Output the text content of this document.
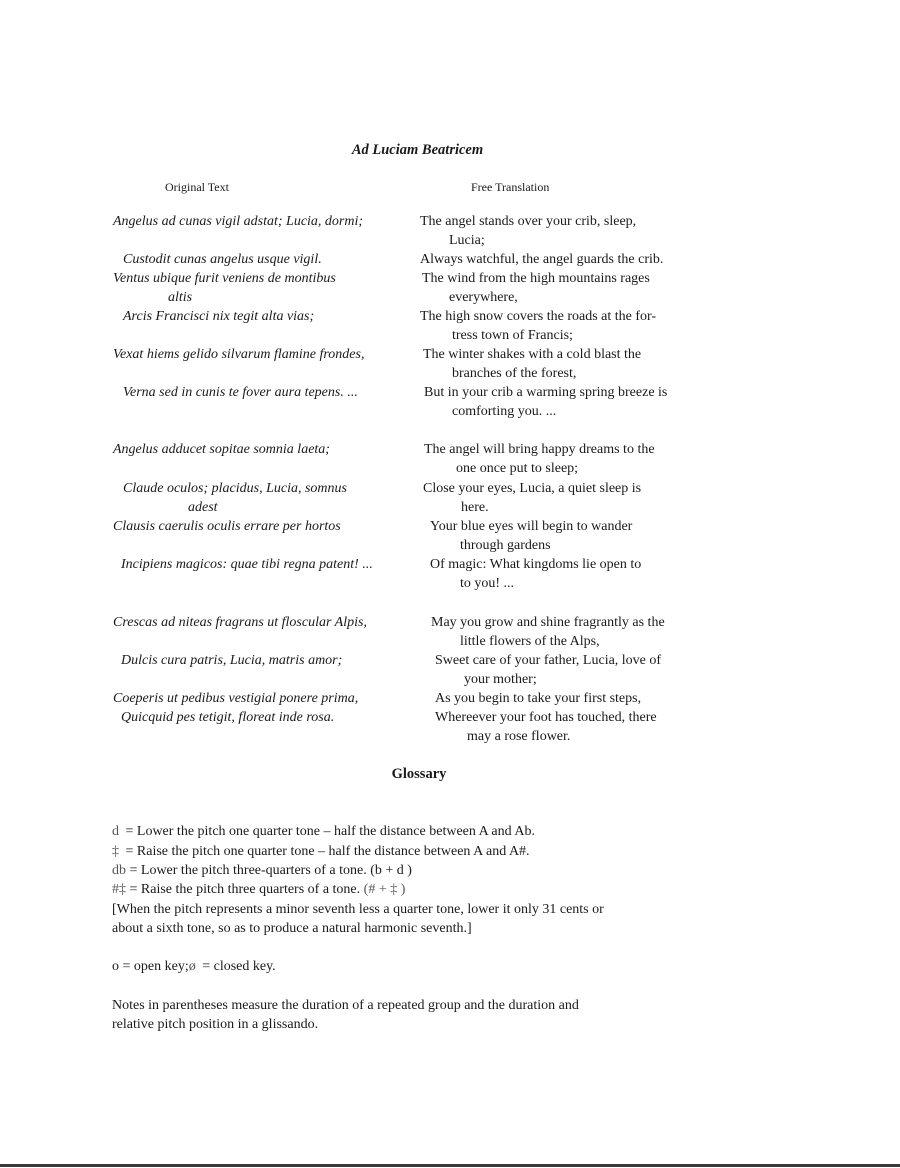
Ad Luciam Beatricem
Original Text	Free Translation
Angelus ad cunas vigil adstat; Lucia, dormi;
Custodit cunas angelus usque vigil.
Ventus ubique furit veniens de montibus
altis
Arcis Francisci nix tegit alta vias;
Vexat hiems gelido silvarum flamine frondes,
Verna sed in cunis te fover aura tepens. ...
Angelus adducet sopitae somnia laeta;
Claude oculos; placidus, Lucia, somnus
adest
Clausis caerulis oculis errare per hortos
Incipiens magicos: quae tibi regna patent! ...
Crescas ad niteas fragrans ut floscular Alpis,
Dulcis cura patris, Lucia, matris amor;
Coeperis ut pedibus vestigial ponere prima,
Quicquid pes tetigit, floreat inde rosa.
The angel stands over your crib, sleep,
Lucia;
Always watchful, the angel guards the crib.
The wind from the high mountains rages
everywhere,
The high snow covers the roads at the for-
tress town of Francis;
The winter shakes with a cold blast the
branches of the forest,
But in your crib a warming spring breeze is
comforting you. ...
The angel will bring happy dreams to the
one once put to sleep;
Close your eyes, Lucia, a quiet sleep is
here.
Your blue eyes will begin to wander
through gardens
Of magic: What kingdoms lie open to
to you! ...
May you grow and shine fragrantly as the
little flowers of the Alps,
Sweet care of your father, Lucia, love of
your mother;
As you begin to take your first steps,
Whereever your foot has touched, there
may a rose flower.
Glossary
d = Lower the pitch one quarter tone – half the distance between A and Ab.
‡ = Raise the pitch one quarter tone – half the distance between A and A#.
db = Lower the pitch three-quarters of a tone. (b + d )
#‡ = Raise the pitch three quarters of a tone. (# + ‡ )
[When the pitch represents a minor seventh less a quarter tone, lower it only 31 cents or
about a sixth tone, so as to produce a natural harmonic seventh.]
o = open key;ø = closed key.
Notes in parentheses measure the duration of a repeated group and the duration and
relative pitch position in a glissando.
